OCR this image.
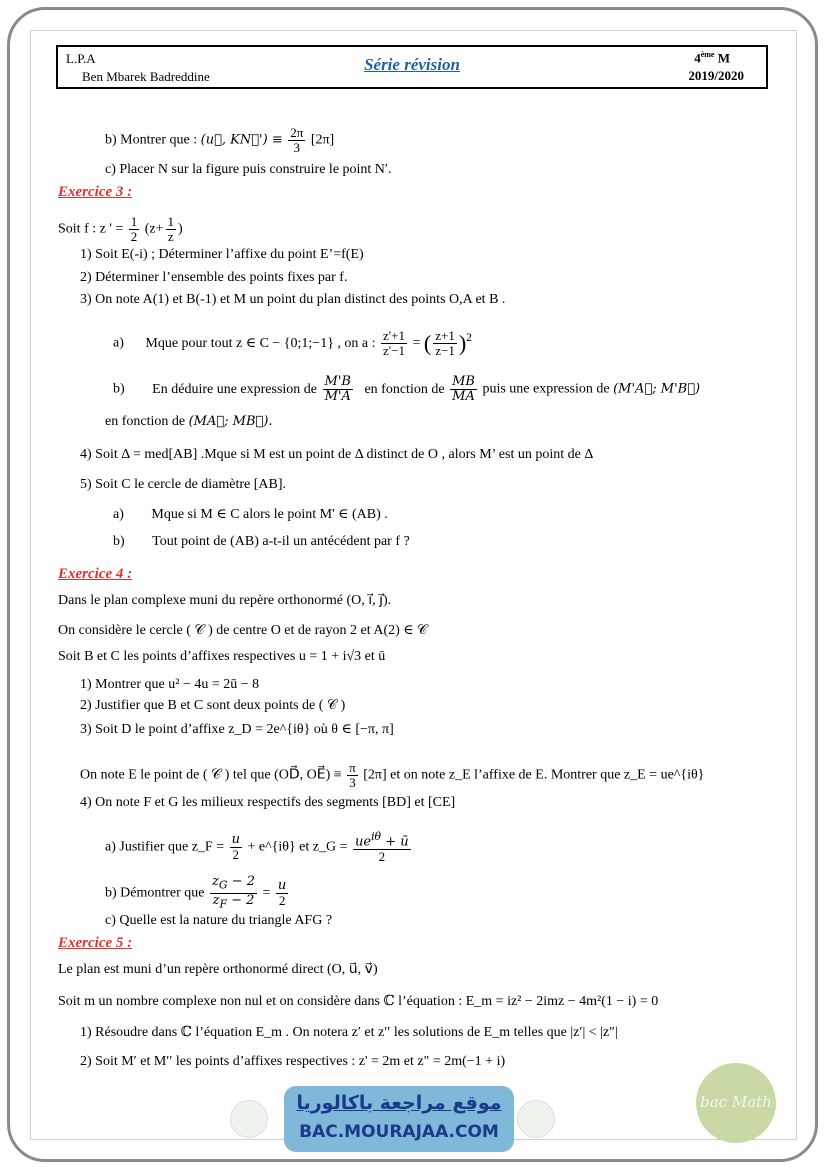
L.P.A
Ben Mbarek Badreddine
Série révision	4ème M
2019/2020
b) Montrer que : (u⃗, KN⃗') ≡ $\frac{2\pi}{3} [2\pi]$
c) Placer N sur la figure puis construire le point N′.
Exercice 3 :
Soit f : z ' = $\frac{1}{2} (z+ \frac{1}{z}$ )
1) Soit E(-i) ; Déterminer l’affixe du point E’=f(E)
2) Déterminer l’ensemble des points fixes par f.
3) On note A(1) et B(-1) et M un point du plan distinct des points O,A et B .
a) Mque pour tout z ∈ C − {0;1;−1} , on a : $\frac{z'+1}{z'-1}$ = ( $\frac{z+1}{z-1} )^2$
b) En déduire une expression de $\frac{M'B}{M'A}$ en fonction de $\frac{MB}{MA}$ puis une expression de (M'A⃗; M'B⃗)
en fonction de (MA⃗; MB⃗).
4) Soit Δ = med[AB] .Mque si M est un point de Δ distinct de O , alors M’ est un point de Δ
5) Soit C le cercle de diamètre [AB].
a) Mque si M ∈ C alors le point M' ∈ (AB) .
b) Tout point de (AB) a-t-il un antécédent par f ?
Exercice 4 :
Dans le plan complexe muni du repère orthonormé (O, i⃗, j⃗).
On considère le cercle ( 𝒞 ) de centre O et de rayon 2 et A(2) ∈ 𝒞
Soit B et C les points d’affixes respectives u = 1 + i√3 et ū
1) Montrer que u² − 4u = 2ū − 8
2) Justifier que B et C sont deux points de ( 𝒞 )
3) Soit D le point d’affixe z_D = 2e^{iθ} où θ ∈ [−π, π]
On note E le point de ( 𝒞 ) tel que (OD⃗, OE⃗) ≡ $\frac{\pi}{3} [2\pi]$ et on note z_E l’affixe de E. Montrer que z_E = ue^{iθ}
4) On note F et G les milieux respectifs des segments [BD] et [CE]
a) Justifier que z_F = $\frac{u}{2}$ + e^{iθ} et z_G = $\frac{ue^{i\theta} + ū}{2}$
b) Démontrer que $\frac{z_G - 2}{z_F - 2} = \frac{u}{2}$
c) Quelle est la nature du triangle AFG ?
Exercice 5 :
Le plan est muni d’un repère orthonormé direct (O, u⃗, v⃗)
Soit m un nombre complexe non nul et on considère dans ℂ l’équation : E_m = iz² − 2imz − 4m²(1 − i) = 0
1) Résoudre dans ℂ l’équation E_m . On notera z′ et z′′ les solutions de E_m telles que |z′| < |z″|
2) Soit M′ et M′′ les points d’affixes respectives : z' = 2m et z" = 2m(−1 + i)
موقع مراجعة باكالوريا
BAC.MOURAJAA.COM
bac Math
